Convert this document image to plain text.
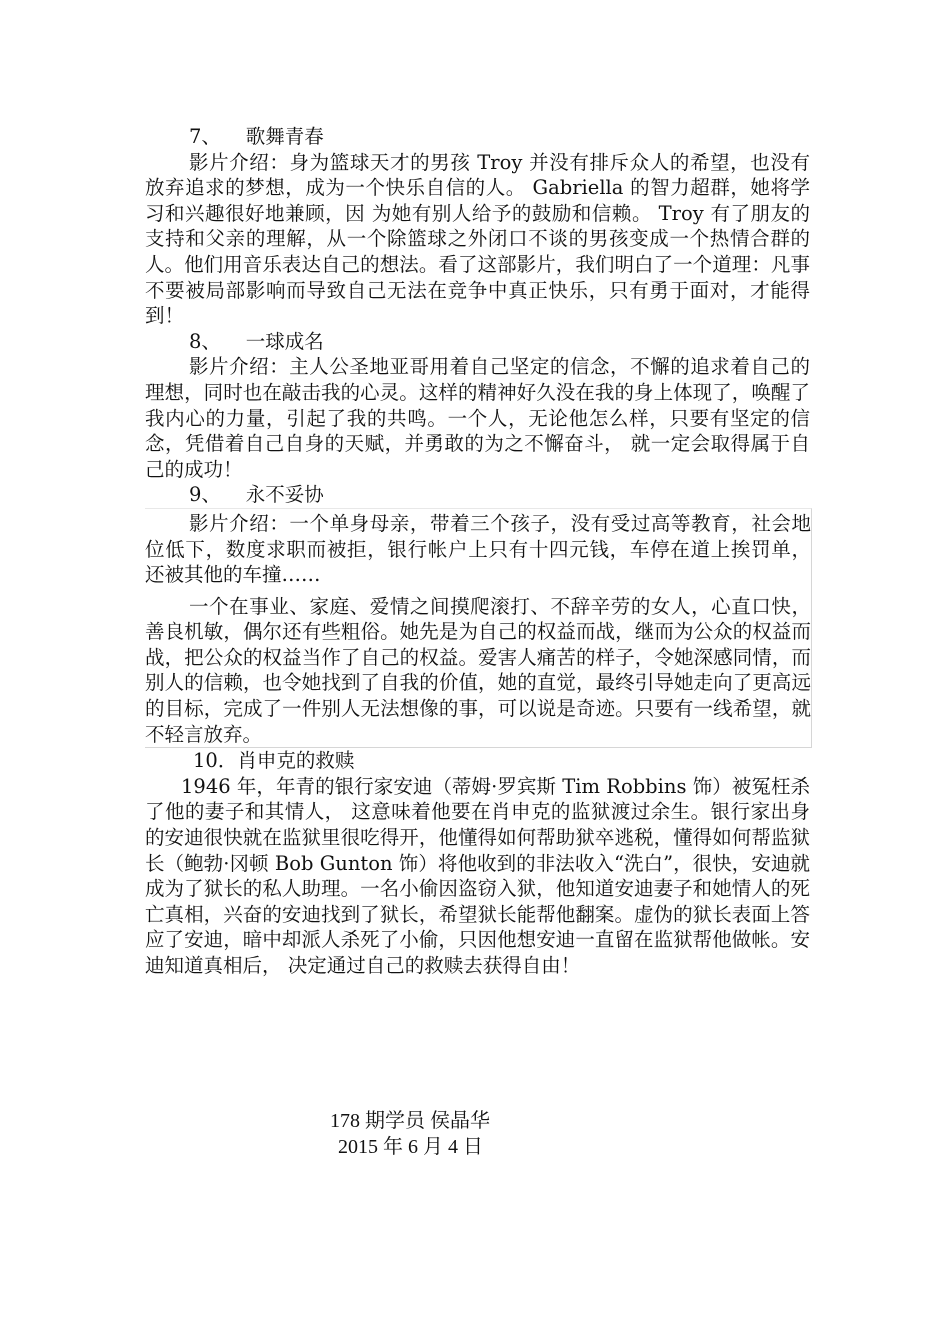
7、    歌舞青春
影片介绍：身为篮球天才的男孩 Troy 并没有排斥众人的希望，也没有放弃追求的梦想，成为一个快乐自信的人。 Gabriella 的智力超群，她将学习和兴趣很好地兼顾，因 为她有别人给予的鼓励和信赖。 Troy 有了朋友的支持和父亲的理解，从一个除篮球之外闭口不谈的男孩变成一个热情合群的人。他们用音乐表达自己的想法。看了这部影片，我们明白了一个道理：凡事不要被局部影响而导致自己无法在竞争中真正快乐，只有勇于面对，才能得到！
8、    一球成名
影片介绍：主人公圣地亚哥用着自己坚定的信念，不懈的追求着自己的理想，同时也在敲击我的心灵。这样的精神好久没在我的身上体现了，唤醒了我内心的力量，引起了我的共鸣。一个人，无论他怎么样，只要有坚定的信念，凭借着自己自身的天赋，并勇敢的为之不懈奋斗， 就一定会取得属于自己的成功！
9、    永不妥协
影片介绍：一个单身母亲，带着三个孩子，没有受过高等教育，社会地位低下，数度求职而被拒，银行帐户上只有十四元钱，车停在道上挨罚单， 还被其他的车撞……
一个在事业、家庭、爱情之间摸爬滚打、不辞辛劳的女人，心直口快，善良机敏，偶尔还有些粗俗。她先是为自己的权益而战，继而为公众的权益而战，把公众的权益当作了自己的权益。爱害人痛苦的样子，令她深感同情，而别人的信赖，也令她找到了自我的价值，她的直觉，最终引导她走向了更高远的目标，完成了一件别人无法想像的事，可以说是奇迹。只要有一线希望，就不轻言放弃。
10．肖申克的救赎
1946 年，年青的银行家安迪（蒂姆·罗宾斯 Tim Robbins 饰）被冤枉杀了他的妻子和其情人， 这意味着他要在肖申克的监狱渡过余生。银行家出身的安迪很快就在监狱里很吃得开，他懂得如何帮助狱卒逃税，懂得如何帮监狱长（鲍勃·冈顿 Bob Gunton 饰）将他收到的非法收入“洗白”，很快，安迪就成为了狱长的私人助理。一名小偷因盗窃入狱，他知道安迪妻子和她情人的死亡真相，兴奋的安迪找到了狱长，希望狱长能帮他翻案。虚伪的狱长表面上答应了安迪，暗中却派人杀死了小偷，只因他想安迪一直留在监狱帮他做帐。安迪知道真相后， 决定通过自己的救赎去获得自由！
178 期学员 侯晶华
2015 年 6 月 4 日
